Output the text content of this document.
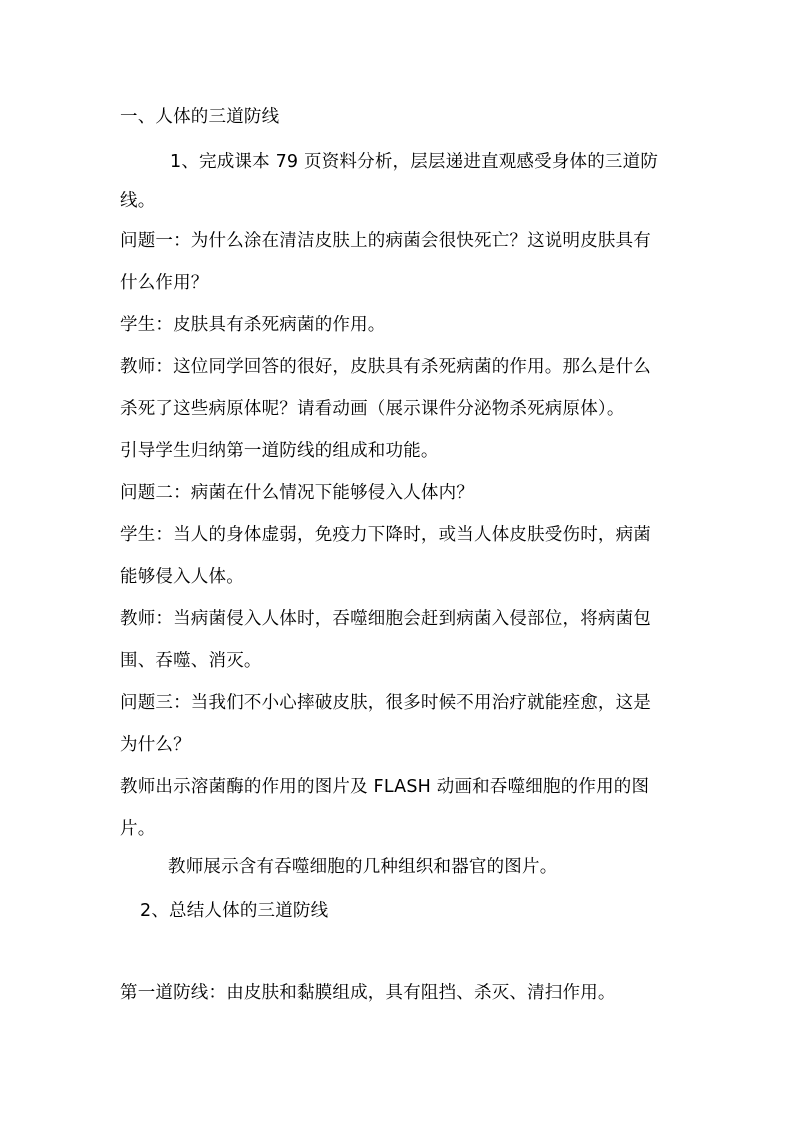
一、人体的三道防线
1、完成课本 79 页资料分析，层层递进直观感受身体的三道防
线。
问题一：为什么涂在清洁皮肤上的病菌会很快死亡？这说明皮肤具有
什么作用？
学生：皮肤具有杀死病菌的作用。
教师：这位同学回答的很好，皮肤具有杀死病菌的作用。那么是什么
杀死了这些病原体呢？请看动画（展示课件分泌物杀死病原体）。
引导学生归纳第一道防线的组成和功能。
问题二：病菌在什么情况下能够侵入人体内？
学生：当人的身体虚弱，免疫力下降时，或当人体皮肤受伤时，病菌
能够侵入人体。
教师：当病菌侵入人体时，吞噬细胞会赶到病菌入侵部位，将病菌包
围、吞噬、消灭。
问题三：当我们不小心摔破皮肤，很多时候不用治疗就能痊愈，这是
为什么？
教师出示溶菌酶的作用的图片及 FLASH 动画和吞噬细胞的作用的图
片。
教师展示含有吞噬细胞的几种组织和器官的图片。
2、总结人体的三道防线
第一道防线：由皮肤和黏膜组成，具有阻挡、杀灭、清扫作用。
